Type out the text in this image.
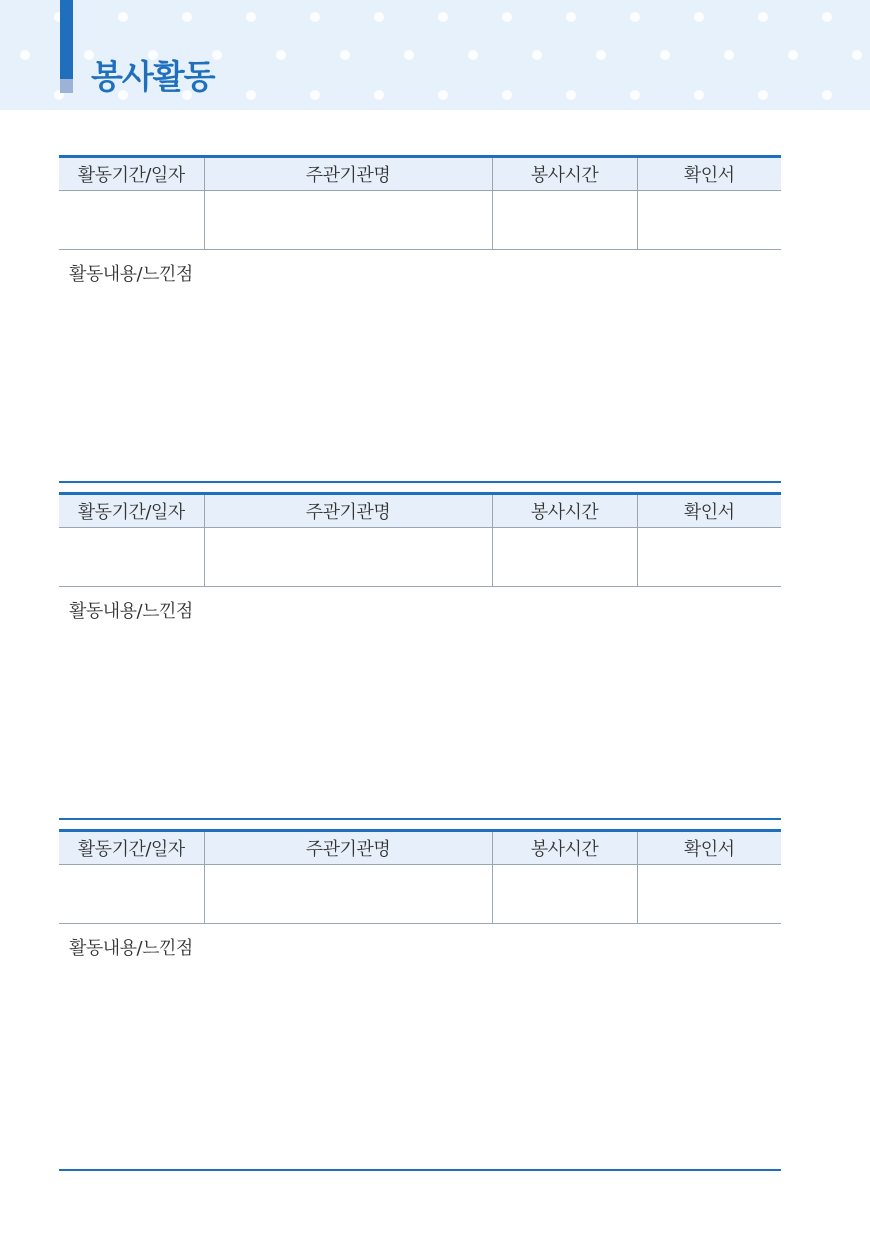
봉사활동
활동기간/일자	주관기관명	봉사시간	확인서

활동내용/느낀점
활동기간/일자	주관기관명	봉사시간	확인서

활동내용/느낀점
활동기간/일자	주관기관명	봉사시간	확인서

활동내용/느낀점
